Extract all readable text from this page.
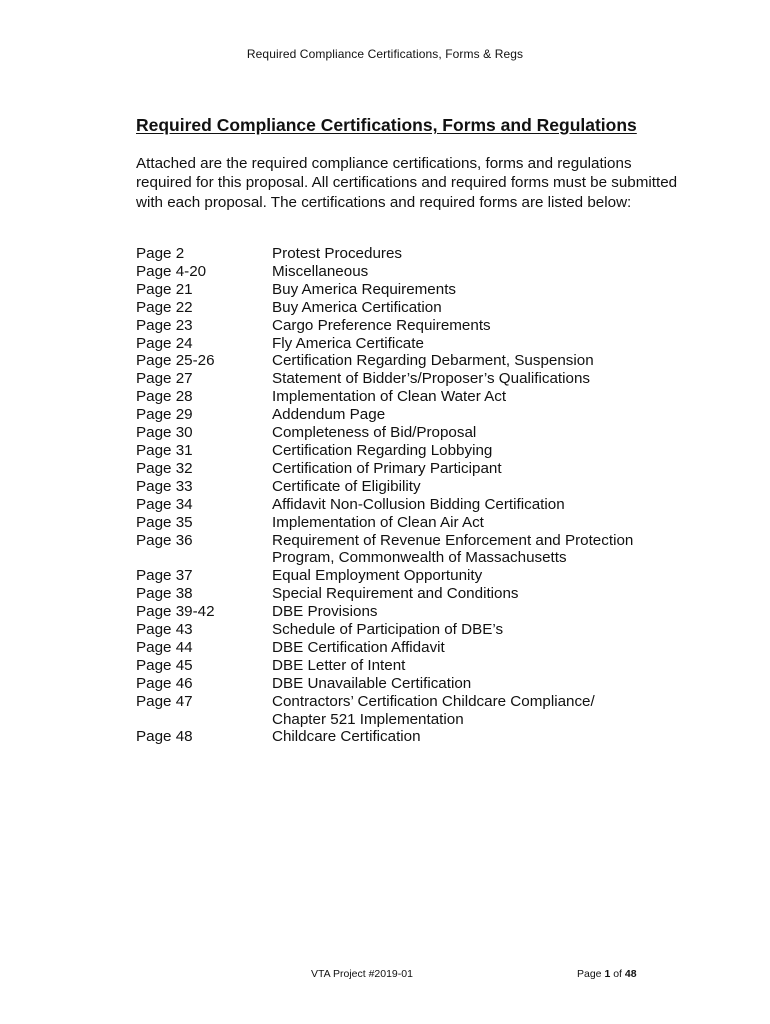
Required Compliance Certifications, Forms & Regs
Required Compliance Certifications, Forms and Regulations

Attached are the required compliance certifications, forms and regulations
required for this proposal. All certifications and required forms must be submitted
with each proposal. The certifications and required forms are listed below:

Page 2	Protest Procedures
Page 4-20	Miscellaneous
Page 21	Buy America Requirements
Page 22	Buy America Certification
Page 23	Cargo Preference Requirements
Page 24	Fly America Certificate
Page 25-26	Certification Regarding Debarment, Suspension
Page 27	Statement of Bidder’s/Proposer’s Qualifications
Page 28	Implementation of Clean Water Act
Page 29	Addendum Page
Page 30	Completeness of Bid/Proposal
Page 31	Certification Regarding Lobbying
Page 32	Certification of Primary Participant
Page 33	Certificate of Eligibility
Page 34	Affidavit Non-Collusion Bidding Certification
Page 35	Implementation of Clean Air Act
Page 36	Requirement of Revenue Enforcement and Protection
Program, Commonwealth of Massachusetts
Page 37	Equal Employment Opportunity
Page 38	Special Requirement and Conditions
Page 39-42	DBE Provisions
Page 43	Schedule of Participation of DBE’s
Page 44	DBE Certification Affidavit
Page 45	DBE Letter of Intent
Page 46	DBE Unavailable Certification
Page 47	Contractors’ Certification Childcare Compliance/
Chapter 521 Implementation
Page 48	Childcare Certification
VTA Project #2019-01	Page 1 of 48
